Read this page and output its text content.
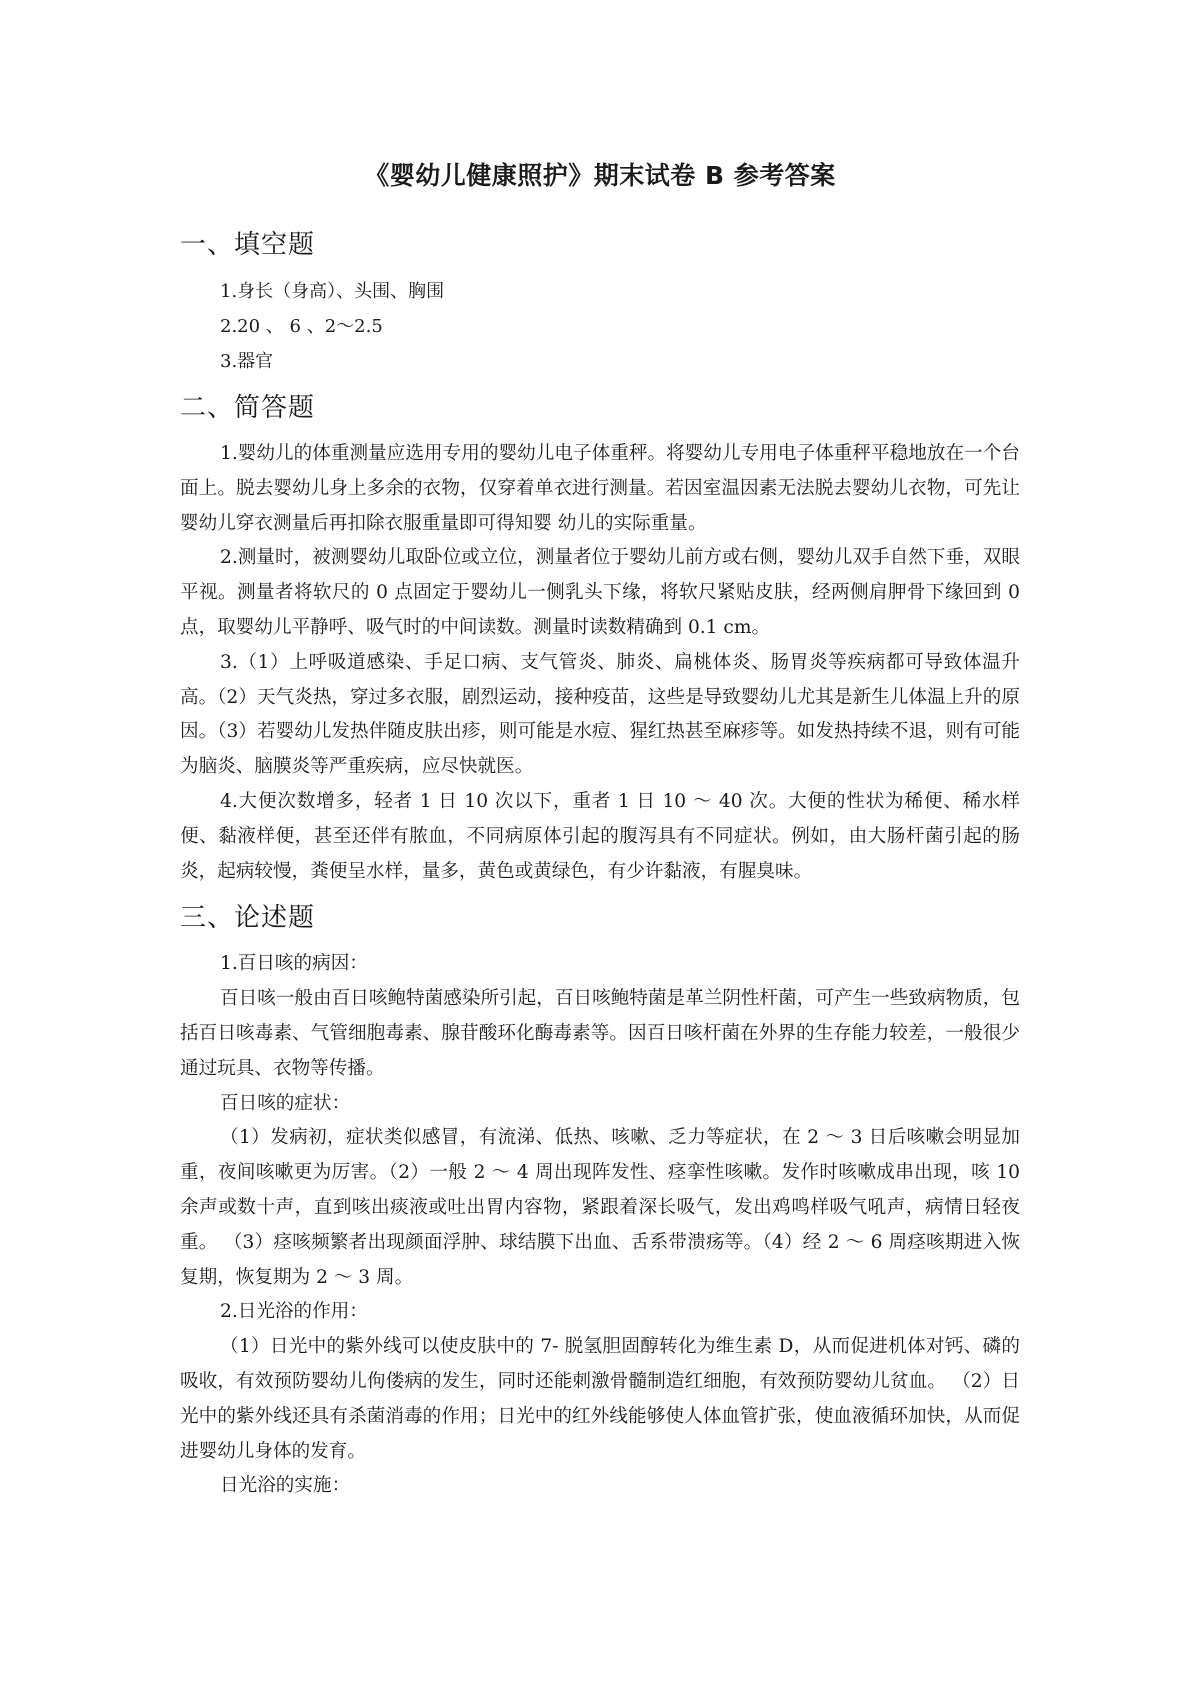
《婴幼儿健康照护》期末试卷 B 参考答案
一、填空题

1.身长（身高）、头围、胸围

2.20 、 6 、2～2.5

3.器官

二、简答题

1.婴幼儿的体重测量应选用专用的婴幼儿电子体重秤。将婴幼儿专用电子体重秤平稳地放在一个台面上。脱去婴幼儿身上多余的衣物，仅穿着单衣进行测量。若因室温因素无法脱去婴幼儿衣物，可先让婴幼儿穿衣测量后再扣除衣服重量即可得知婴 幼儿的实际重量。

2.测量时，被测婴幼儿取卧位或立位，测量者位于婴幼儿前方或右侧，婴幼儿双手自然下垂，双眼平视。测量者将软尺的 0 点固定于婴幼儿一侧乳头下缘，将软尺紧贴皮肤，经两侧肩胛骨下缘回到 0 点，取婴幼儿平静呼、吸气时的中间读数。测量时读数精确到 0.1 cm。

3.（1）上呼吸道感染、手足口病、支气管炎、肺炎、扁桃体炎、肠胃炎等疾病都可导致体温升高。（2）天气炎热，穿过多衣服，剧烈运动，接种疫苗，这些是导致婴幼儿尤其是新生儿体温上升的原因。（3）若婴幼儿发热伴随皮肤出疹，则可能是水痘、猩红热甚至麻疹等。如发热持续不退，则有可能为脑炎、脑膜炎等严重疾病，应尽快就医。

4.大便次数增多，轻者 1 日 10 次以下，重者 1 日 10 ～ 40 次。大便的性状为稀便、稀水样便、黏液样便，甚至还伴有脓血，不同病原体引起的腹泻具有不同症状。例如，由大肠杆菌引起的肠炎，起病较慢，粪便呈水样，量多，黄色或黄绿色，有少许黏液，有腥臭味。

三、论述题

1.百日咳的病因：

百日咳一般由百日咳鲍特菌感染所引起，百日咳鲍特菌是革兰阴性杆菌，可产生一些致病物质，包括百日咳毒素、气管细胞毒素、腺苷酸环化酶毒素等。因百日咳杆菌在外界的生存能力较差，一般很少通过玩具、衣物等传播。

百日咳的症状：

（1）发病初，症状类似感冒，有流涕、低热、咳嗽、乏力等症状，在 2 ～ 3 日后咳嗽会明显加重，夜间咳嗽更为厉害。（2）一般 2 ～ 4 周出现阵发性、痉挛性咳嗽。发作时咳嗽成串出现，咳 10 余声或数十声，直到咳出痰液或吐出胃内容物，紧跟着深长吸气，发出鸡鸣样吸气吼声，病情日轻夜重。 （3）痉咳频繁者出现颜面浮肿、球结膜下出血、舌系带溃疡等。（4）经 2 ～ 6 周痉咳期进入恢复期，恢复期为 2 ～ 3 周。

2.日光浴的作用：

（1）日光中的紫外线可以使皮肤中的 7- 脱氢胆固醇转化为维生素 D，从而促进机体对钙、磷的吸收，有效预防婴幼儿佝偻病的发生，同时还能刺激骨髓制造红细胞，有效预防婴幼儿贫血。 （2）日光中的紫外线还具有杀菌消毒的作用；日光中的红外线能够使人体血管扩张，使血液循环加快，从而促进婴幼儿身体的发育。

日光浴的实施：
